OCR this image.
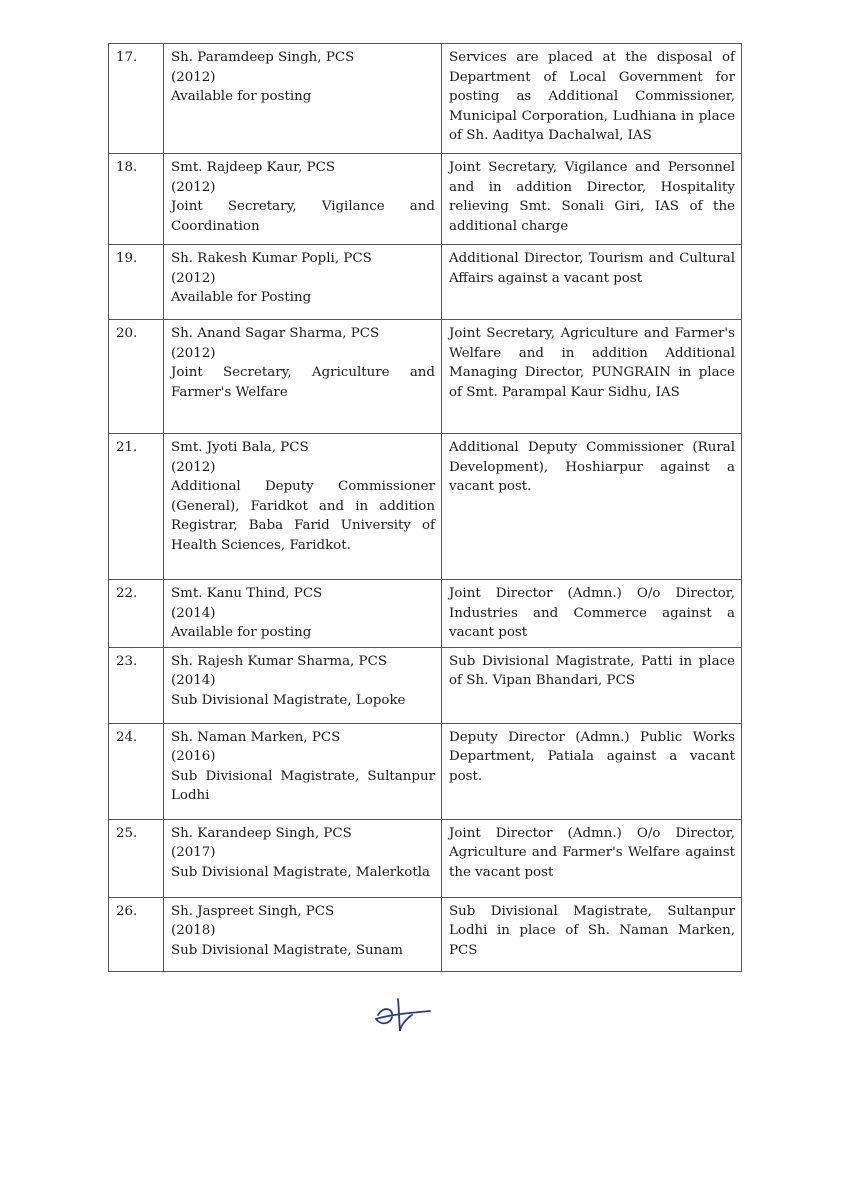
17.	Sh. Paramdeep Singh, PCS
(2012)
Available for posting	Services are placed at the disposal of Department of Local Government for posting as Additional Commissioner, Municipal Corporation, Ludhiana in place of Sh. Aaditya Dachalwal, IAS
18.	Smt. Rajdeep Kaur, PCS
(2012)
Joint Secretary, Vigilance and Coordination	Joint Secretary, Vigilance and Personnel and in addition Director, Hospitality relieving Smt. Sonali Giri, IAS of the additional charge
19.	Sh. Rakesh Kumar Popli, PCS
(2012)
Available for Posting	Additional Director, Tourism and Cultural Affairs against a vacant post
20.	Sh. Anand Sagar Sharma, PCS
(2012)
Joint Secretary, Agriculture and Farmer's Welfare	Joint Secretary, Agriculture and Farmer's Welfare and in addition Additional Managing Director, PUNGRAIN in place of Smt. Parampal Kaur Sidhu, IAS
21.	Smt. Jyoti Bala, PCS
(2012)
Additional Deputy Commissioner (General), Faridkot and in addition Registrar, Baba Farid University of Health Sciences, Faridkot.	Additional Deputy Commissioner (Rural Development), Hoshiarpur against a vacant post.
22.	Smt. Kanu Thind, PCS
(2014)
Available for posting	Joint Director (Admn.) O/o Director, Industries and Commerce against a vacant post
23.	Sh. Rajesh Kumar Sharma, PCS
(2014)
Sub Divisional Magistrate, Lopoke	Sub Divisional Magistrate, Patti in place of Sh. Vipan Bhandari, PCS
24.	Sh. Naman Marken, PCS
(2016)
Sub Divisional Magistrate, Sultanpur Lodhi	Deputy Director (Admn.) Public Works Department, Patiala against a vacant post.
25.	Sh. Karandeep Singh, PCS
(2017)
Sub Divisional Magistrate, Malerkotla	Joint Director (Admn.) O/o Director, Agriculture and Farmer's Welfare against the vacant post
26.	Sh. Jaspreet Singh, PCS
(2018)
Sub Divisional Magistrate, Sunam	Sub Divisional Magistrate, Sultanpur Lodhi in place of Sh. Naman Marken, PCS
